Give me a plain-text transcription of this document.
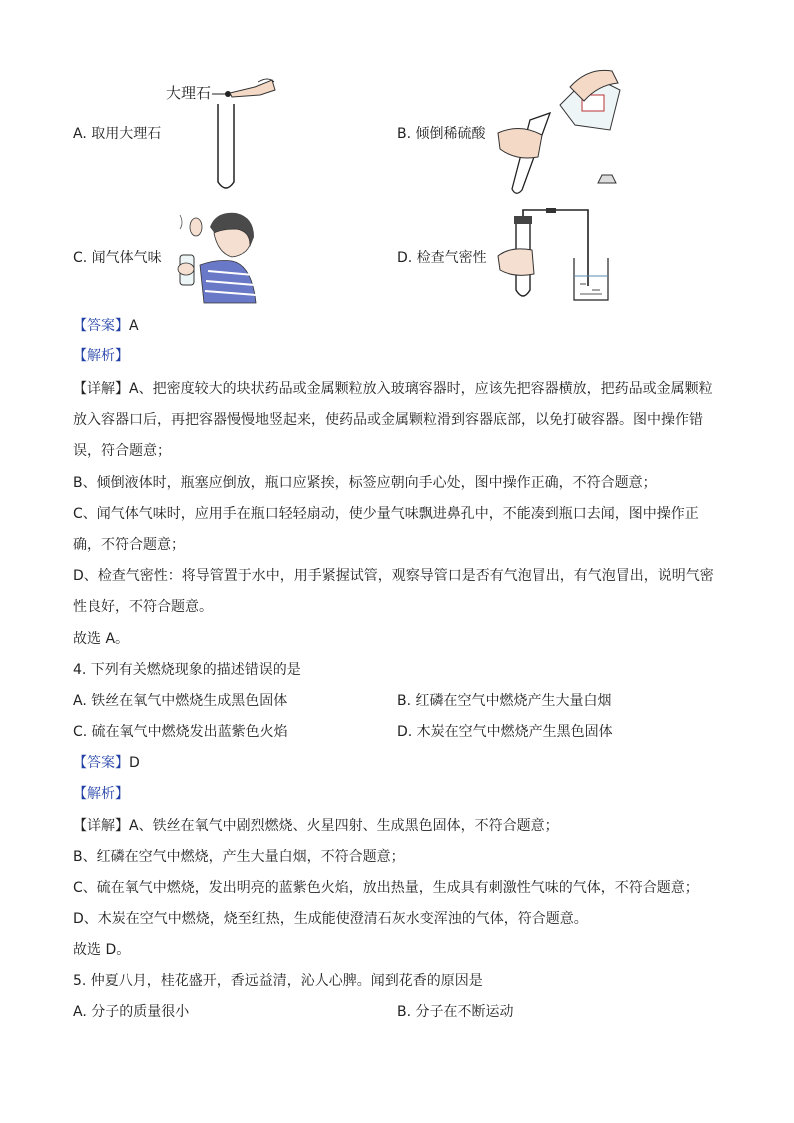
大理石
A. 取用大理石	B. 倾倒稀硫酸
C. 闻气体气味	D. 检查气密性
【答案】A
【解析】
【详解】A、把密度较大的块状药品或金属颗粒放入玻璃容器时，应该先把容器横放，把药品或金属颗粒
放入容器口后，再把容器慢慢地竖起来，使药品或金属颗粒滑到容器底部，以免打破容器。图中操作错
误，符合题意；
B、倾倒液体时，瓶塞应倒放，瓶口应紧挨，标签应朝向手心处，图中操作正确，不符合题意；
C、闻气体气味时，应用手在瓶口轻轻扇动，使少量气味飘进鼻孔中，不能凑到瓶口去闻，图中操作正
确，不符合题意；
D、检查气密性：将导管置于水中，用手紧握试管，观察导管口是否有气泡冒出，有气泡冒出，说明气密
性良好，不符合题意。
故选 A。
4. 下列有关燃烧现象的描述错误的是
A. 铁丝在氧气中燃烧生成黑色固体	B. 红磷在空气中燃烧产生大量白烟
C. 硫在氧气中燃烧发出蓝紫色火焰	D. 木炭在空气中燃烧产生黑色固体
【答案】D
【解析】
【详解】A、铁丝在氧气中剧烈燃烧、火星四射、生成黑色固体，不符合题意；
B、红磷在空气中燃烧，产生大量白烟，不符合题意；
C、硫在氧气中燃烧，发出明亮的蓝紫色火焰，放出热量，生成具有刺激性气味的气体，不符合题意；
D、木炭在空气中燃烧，烧至红热，生成能使澄清石灰水变浑浊的气体，符合题意。
故选 D。
5. 仲夏八月，桂花盛开，香远益清，沁人心脾。闻到花香的原因是
A. 分子的质量很小	B. 分子在不断运动
